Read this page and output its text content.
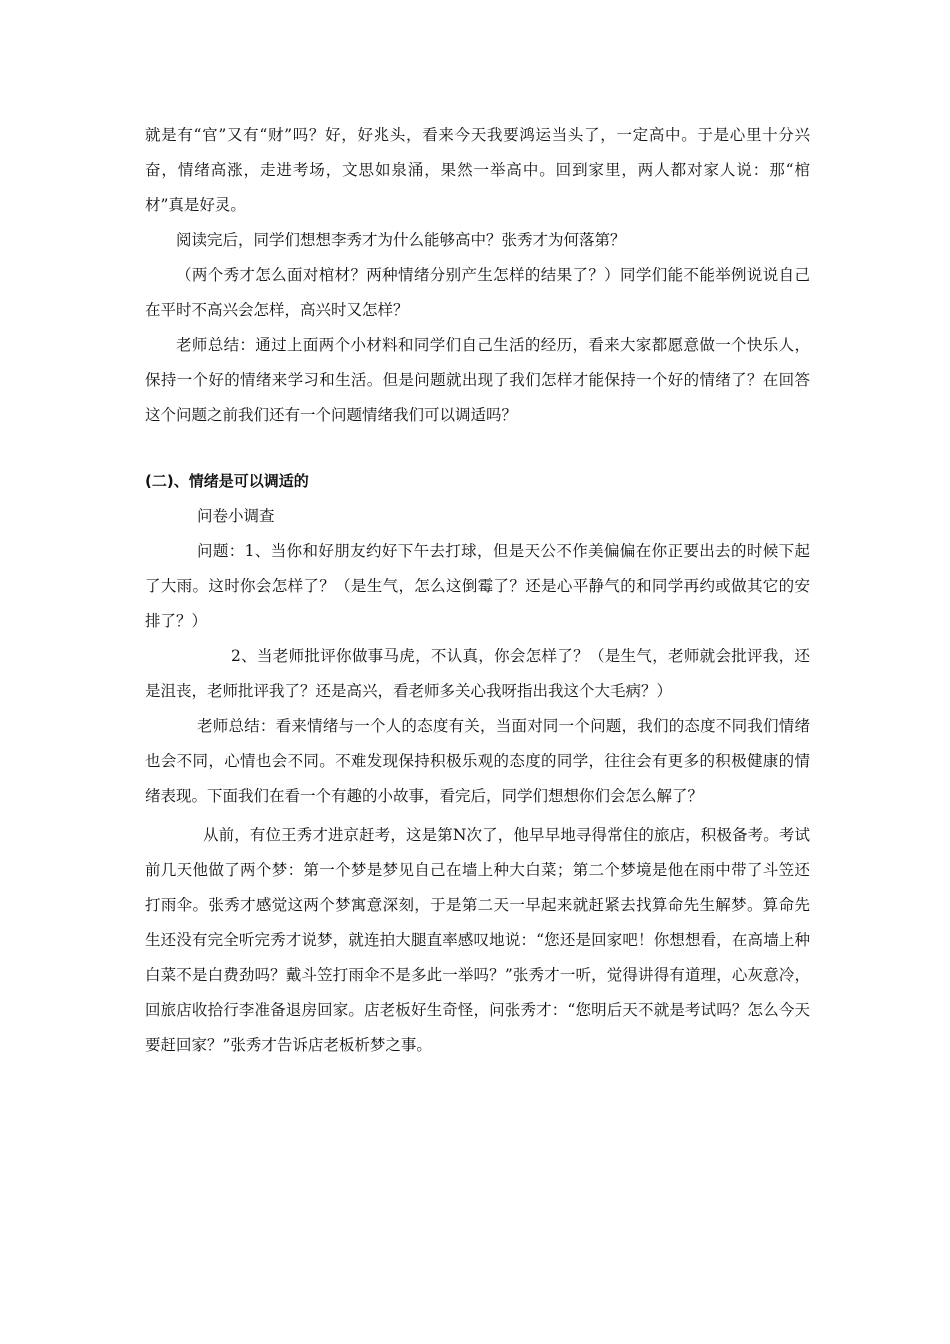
就是有“官”又有“财”吗？好，好兆头，看来今天我要鸿运当头了，一定高中。于是心里十分兴奋，情绪高涨，走进考场，文思如泉涌，果然一举高中。回到家里，两人都对家人说：那“棺材”真是好灵。

阅读完后，同学们想想李秀才为什么能够高中？张秀才为何落第？

（两个秀才怎么面对棺材？两种情绪分别产生怎样的结果了？）同学们能不能举例说说自己在平时不高兴会怎样，高兴时又怎样？

老师总结：通过上面两个小材料和同学们自己生活的经历，看来大家都愿意做一个快乐人，保持一个好的情绪来学习和生活。但是问题就出现了我们怎样才能保持一个好的情绪了？在回答这个问题之前我们还有一个问题情绪我们可以调适吗？

(二)、情绪是可以调适的

问卷小调查

问题：1、当你和好朋友约好下午去打球，但是天公不作美偏偏在你正要出去的时候下起了大雨。这时你会怎样了？（是生气，怎么这倒霉了？还是心平静气的和同学再约或做其它的安排了？）

2、当老师批评你做事马虎，不认真，你会怎样了？（是生气，老师就会批评我，还是沮丧，老师批评我了？还是高兴，看老师多关心我呀指出我这个大毛病？）

老师总结：看来情绪与一个人的态度有关，当面对同一个问题，我们的态度不同我们情绪也会不同，心情也会不同。不难发现保持积极乐观的态度的同学，往往会有更多的积极健康的情绪表现。下面我们在看一个有趣的小故事，看完后，同学们想想你们会怎么解了？

从前，有位王秀才进京赶考，这是第N次了，他早早地寻得常住的旅店，积极备考。考试前几天他做了两个梦：第一个梦是梦见自己在墙上种大白菜；第二个梦境是他在雨中带了斗笠还打雨伞。张秀才感觉这两个梦寓意深刻，于是第二天一早起来就赶紧去找算命先生解梦。算命先生还没有完全听完秀才说梦，就连拍大腿直率感叹地说：“您还是回家吧！你想想看，在高墙上种白菜不是白费劲吗？戴斗笠打雨伞不是多此一举吗？”张秀才一听，觉得讲得有道理，心灰意冷，回旅店收拾行李准备退房回家。店老板好生奇怪，问张秀才：“您明后天不就是考试吗？怎么今天要赶回家？”张秀才告诉店老板析梦之事。
